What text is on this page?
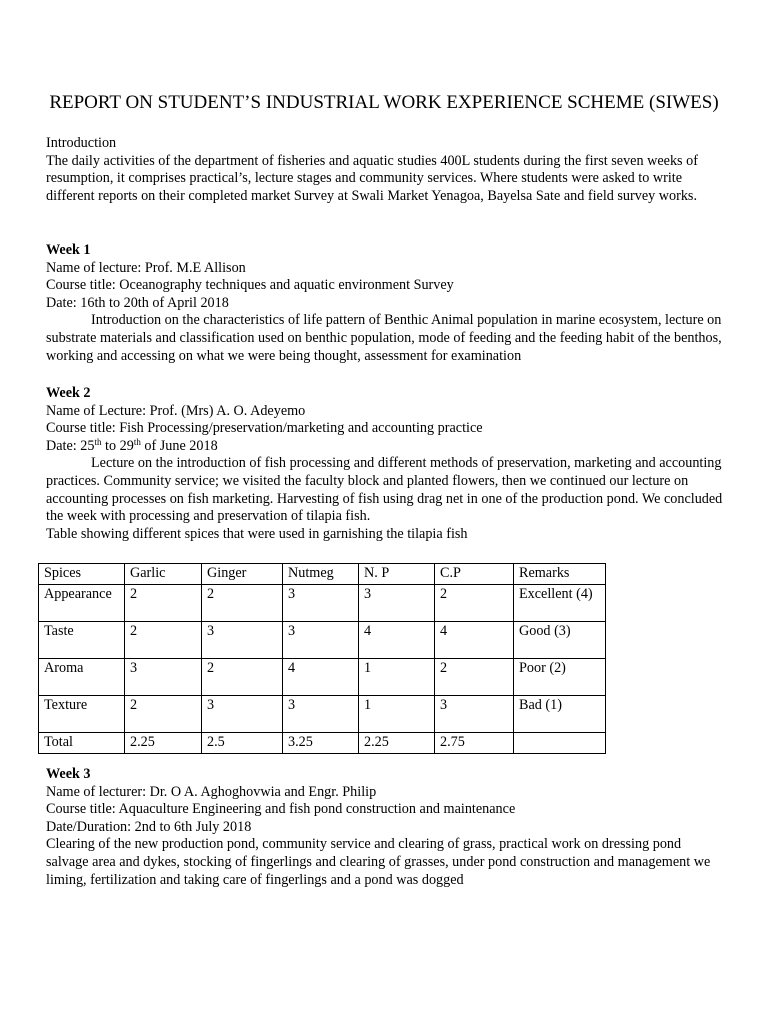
REPORT ON STUDENT’S INDUSTRIAL WORK EXPERIENCE SCHEME (SIWES)

Introduction

The daily activities of the department of fisheries and aquatic studies 400L students during the first seven weeks of resumption, it comprises practical’s, lecture stages and community services. Where students were asked to write different reports on their completed market Survey at Swali Market Yenagoa, Bayelsa Sate and field survey works.

Week 1

Name of lecture: Prof. M.E Allison

Course title: Oceanography techniques and aquatic environment Survey

Date: 16th to 20th of April 2018

Introduction on the characteristics of life pattern of Benthic Animal population in marine ecosystem, lecture on substrate materials and classification used on benthic population, mode of feeding and the feeding habit of the benthos, working and accessing on what we were being thought, assessment for examination

Week 2

Name of Lecture: Prof. (Mrs) A. O. Adeyemo

Course title: Fish Processing/preservation/marketing and accounting practice

Date: 25th to 29th of June 2018

Lecture on the introduction of fish processing and different methods of preservation, marketing and accounting practices. Community service; we visited the faculty block and planted flowers, then we continued our lecture on accounting processes on fish marketing. Harvesting of fish using drag net in one of the production pond. We concluded the week with processing and preservation of tilapia fish.

Table showing different spices that were used in garnishing the tilapia fish

Spices	Garlic	Ginger	Nutmeg	N. P	C.P	Remarks
Appearance	2	2	3	3	2	Excellent (4)
Taste	2	3	3	4	4	Good (3)
Aroma	3	2	4	1	2	Poor (2)
Texture	2	3	3	1	3	Bad (1)
Total	2.25	2.5	3.25	2.25	2.75	

Week 3

Name of lecturer: Dr. O A. Aghoghovwia and Engr. Philip

Course title: Aquaculture Engineering and fish pond construction and maintenance

Date/Duration: 2nd to 6th July 2018

Clearing of the new production pond, community service and clearing of grass, practical work on dressing pond salvage area and dykes, stocking of fingerlings and clearing of grasses, under pond construction and management we liming, fertilization and taking care of fingerlings and a pond was dogged
